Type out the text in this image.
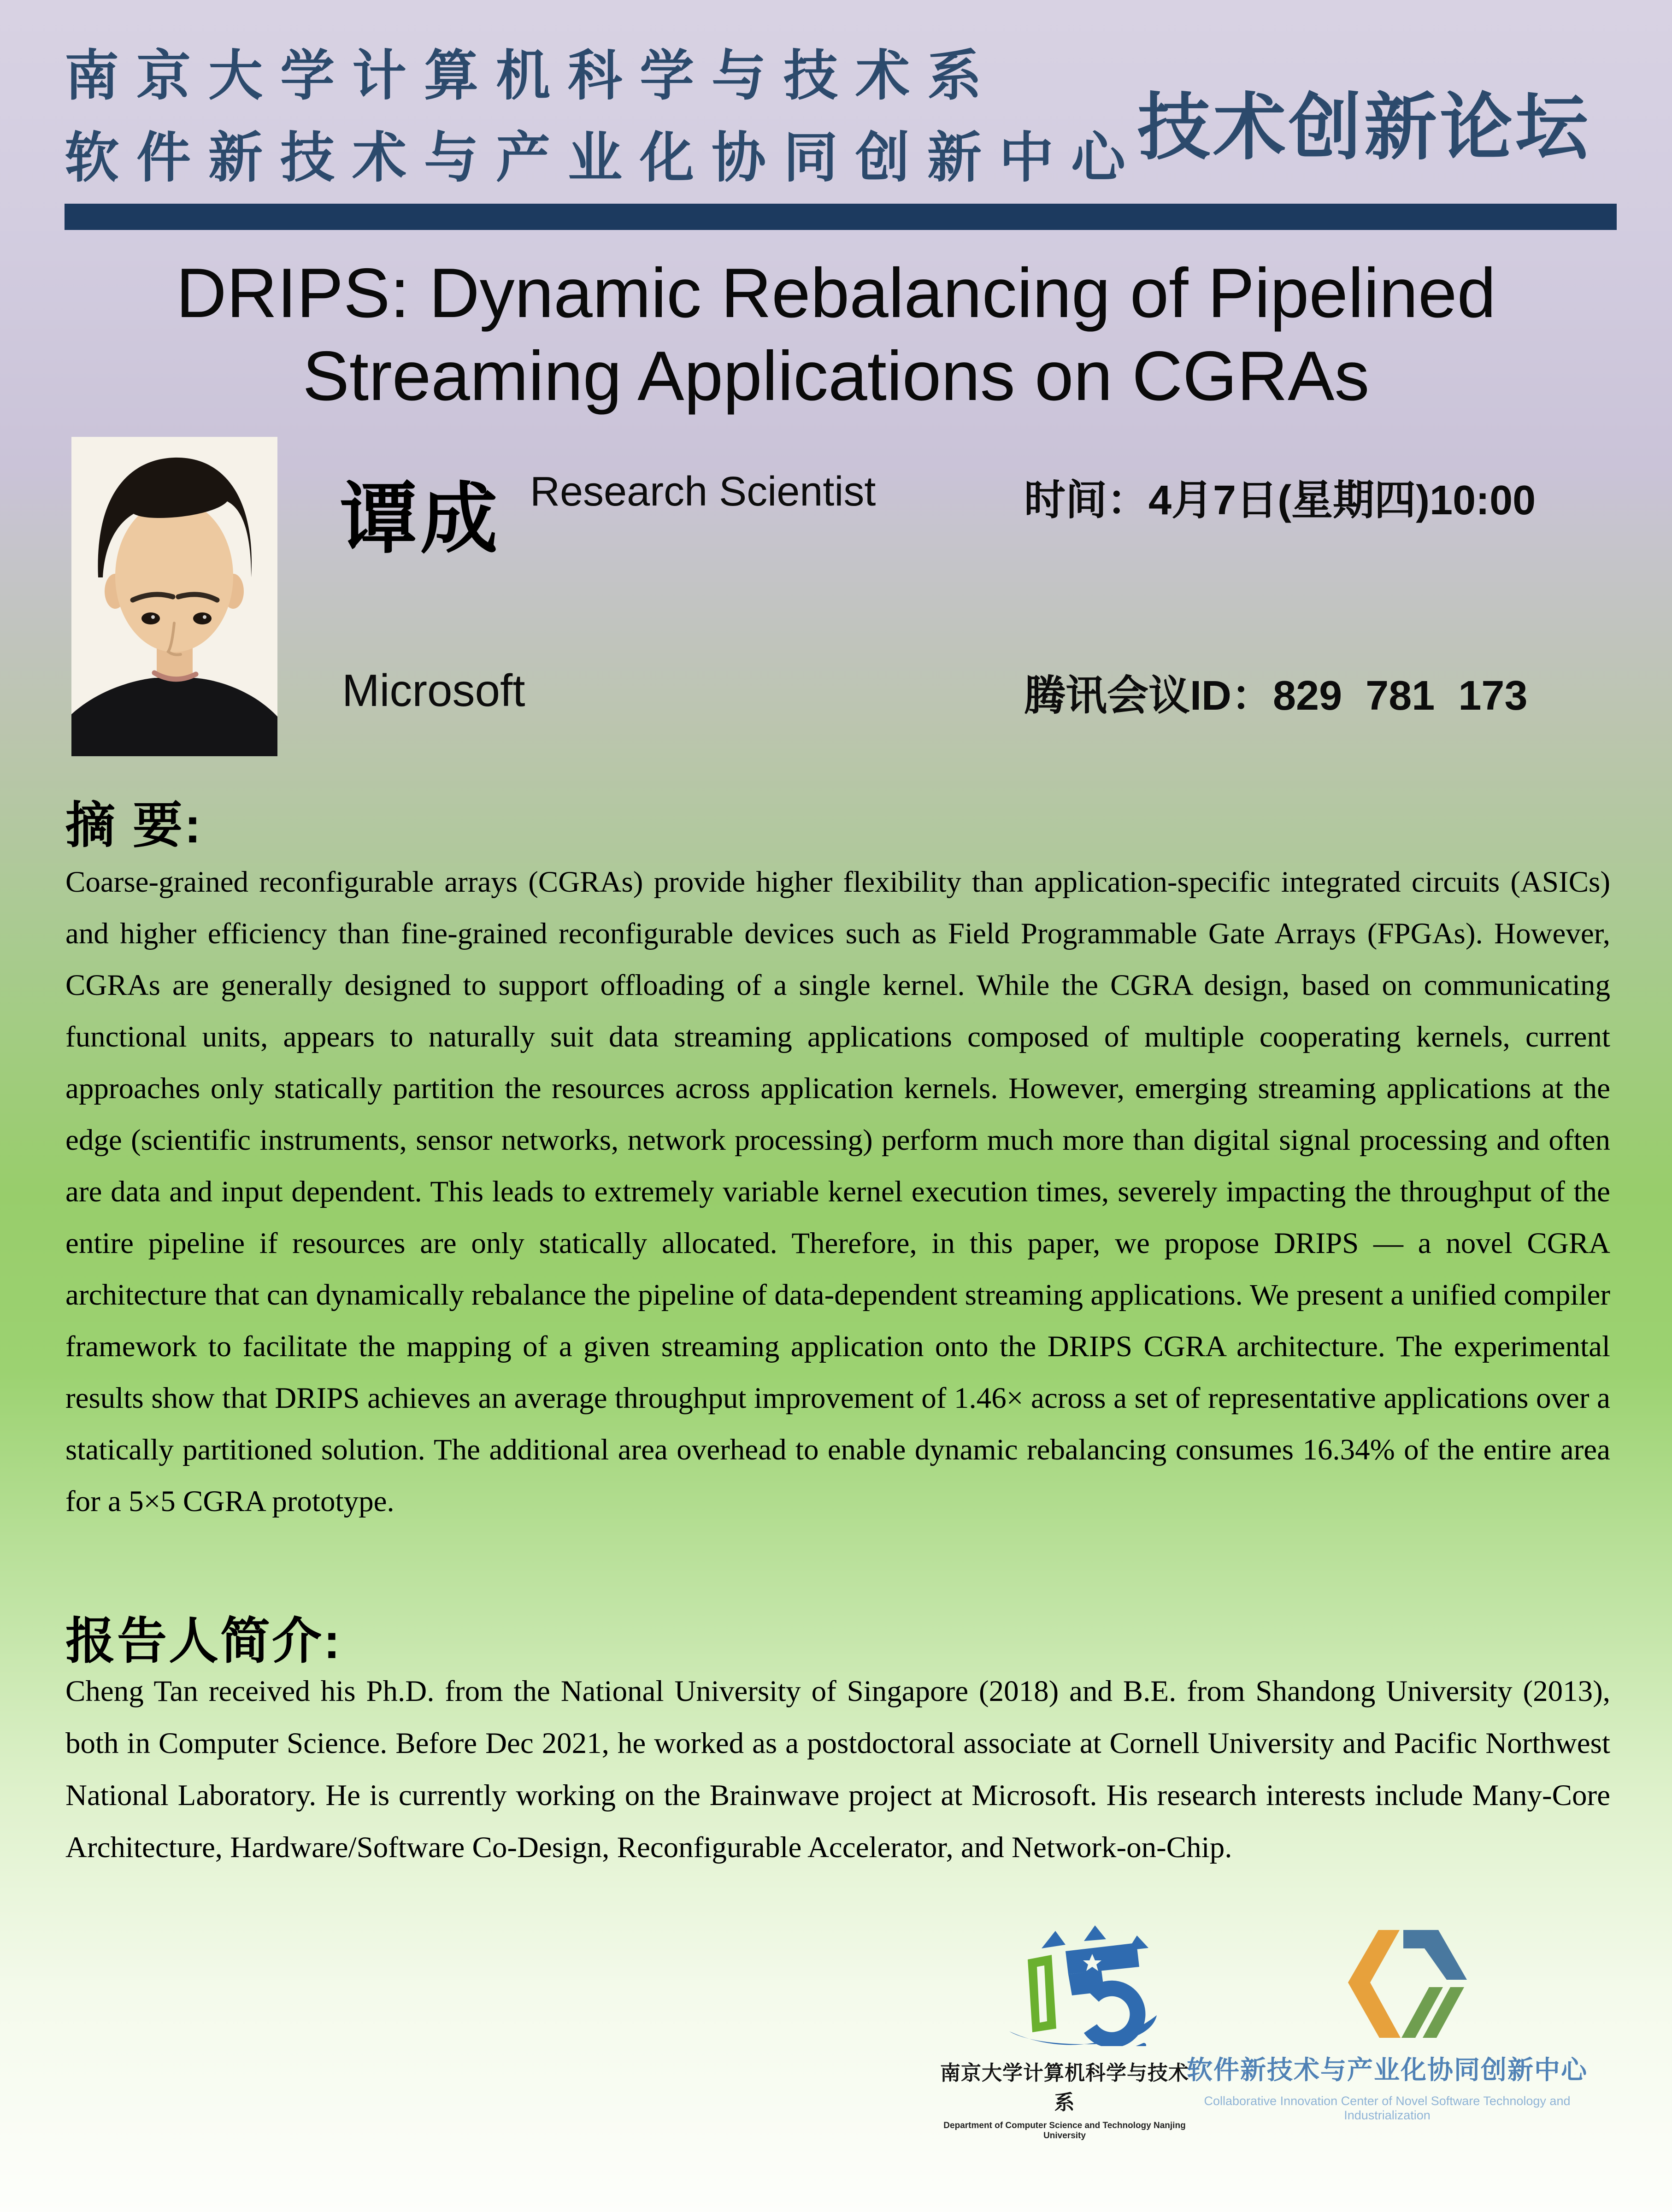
南京大学计算机科学与技术系
软件新技术与产业化协同创新中心
技术创新论坛
DRIPS: Dynamic Rebalancing of Pipelined
Streaming Applications on CGRAs
谭成 Research Scientist	时间：4月7日(星期四)10:00
Microsoft	腾讯会议ID：829 781 173
摘 要:
Coarse-grained reconfigurable arrays (CGRAs) provide higher flexibility than application-specific integrated circuits (ASICs) and higher efficiency than fine-grained reconfigurable devices such as Field Programmable Gate Arrays (FPGAs). However, CGRAs are generally designed to support offloading of a single kernel. While the CGRA design, based on communicating functional units, appears to naturally suit data streaming applications composed of multiple cooperating kernels, current approaches only statically partition the resources across application kernels. However, emerging streaming applications at the edge (scientific instruments, sensor networks, network processing) perform much more than digital signal processing and often are data and input dependent. This leads to extremely variable kernel execution times, severely impacting the throughput of the entire pipeline if resources are only statically allocated. Therefore, in this paper, we propose DRIPS — a novel CGRA architecture that can dynamically rebalance the pipeline of data-dependent streaming applications. We present a unified compiler framework to facilitate the mapping of a given streaming application onto the DRIPS CGRA architecture. The experimental results show that DRIPS achieves an average throughput improvement of 1.46× across a set of representative applications over a statically partitioned solution. The additional area overhead to enable dynamic rebalancing consumes 16.34% of the entire area for a 5×5 CGRA prototype.
报告人简介:
Cheng Tan received his Ph.D. from the National University of Singapore (2018) and B.E. from Shandong University (2013), both in Computer Science. Before Dec 2021, he worked as a postdoctoral associate at Cornell University and Pacific Northwest National Laboratory. He is currently working on the Brainwave project at Microsoft. His research interests include Many-Core Architecture, Hardware/Software Co-Design, Reconfigurable Accelerator, and Network-on-Chip.
南京大学计算机科学与技术系
Department of Computer Science and Technology Nanjing University
软件新技术与产业化协同创新中心
Collaborative Innovation Center of Novel Software Technology and Industrialization
